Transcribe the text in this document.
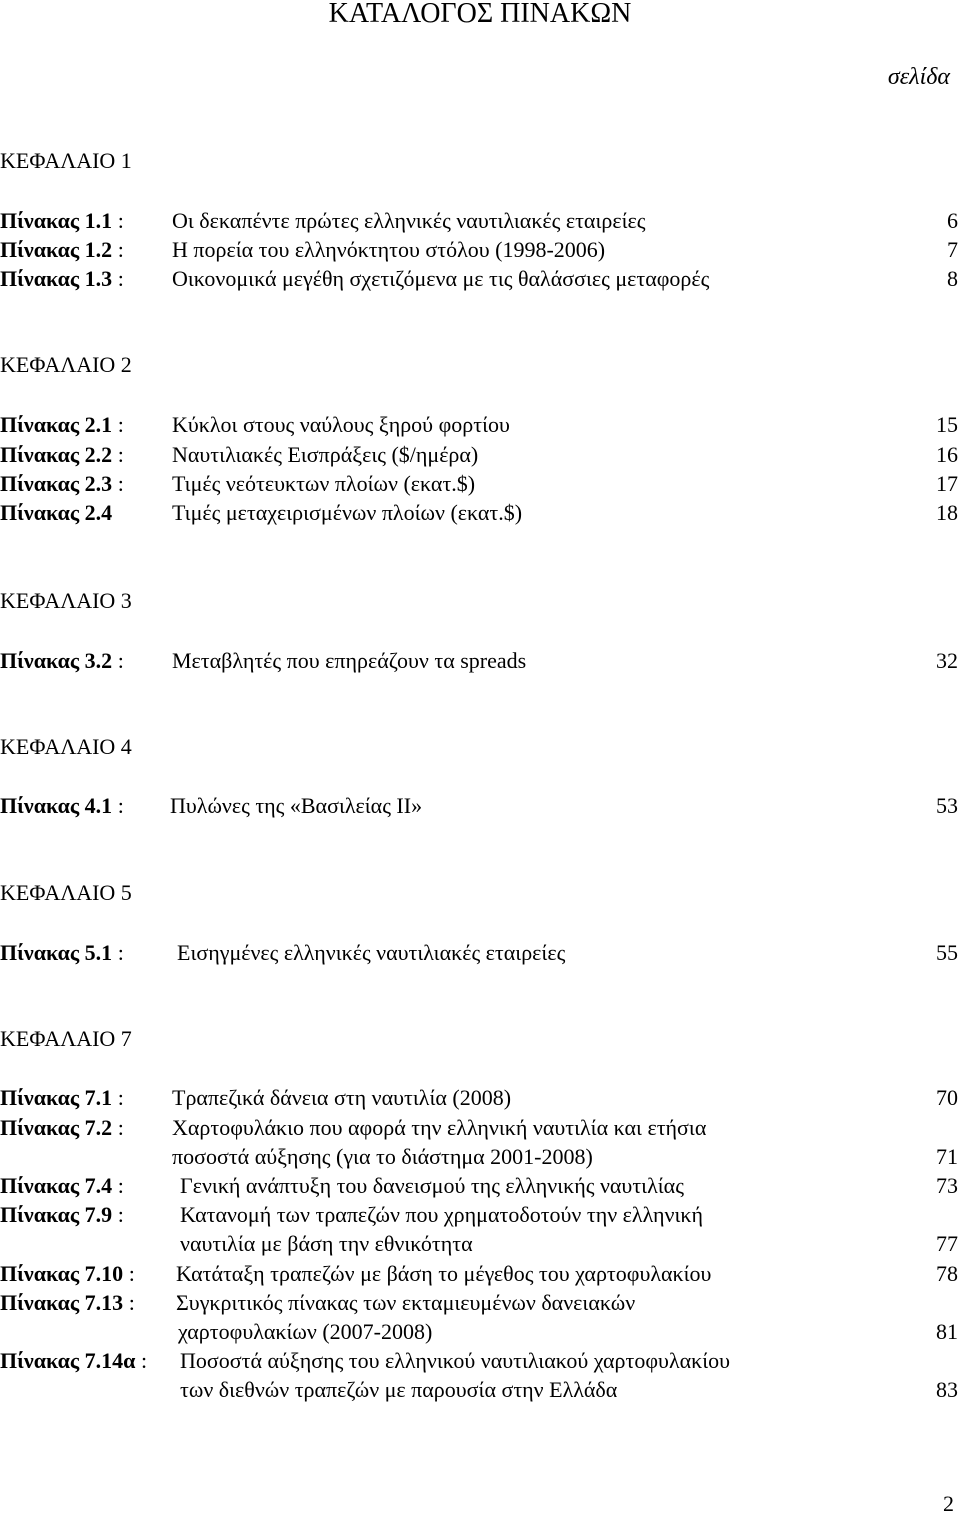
ΚΑΤΑΛΟΓΟΣ ΠΙΝΑΚΩΝ
σελίδα
ΚΕΦΑΛΑΙΟ 1
Πίνακας 1.1 : Οι δεκαπέντε πρώτες ελληνικές ναυτιλιακές εταιρείες	6
Πίνακας 1.2 : Η πορεία του ελληνόκτητου στόλου (1998-2006)	7
Πίνακας 1.3 : Οικονομικά μεγέθη σχετιζόμενα με τις θαλάσσιες μεταφορές	8
ΚΕΦΑΛΑΙΟ 2
Πίνακας 2.1 : Κύκλοι στους ναύλους ξηρού φορτίου	15
Πίνακας 2.2 : Ναυτιλιακές Εισπράξεις ($/ημέρα)	16
Πίνακας 2.3 : Τιμές νεότευκτων πλοίων (εκατ.$)	17
Πίνακας 2.4	Τιμές μεταχειρισμένων πλοίων (εκατ.$)	18
ΚΕΦΑΛΑΙΟ 3
Πίνακας 3.2 : Μεταβλητές που επηρεάζουν τα spreads	32
ΚΕΦΑΛΑΙΟ 4
Πίνακας 4.1 : Πυλώνες της «Βασιλείας ΙΙ»	53
ΚΕΦΑΛΑΙΟ 5
Πίνακας 5.1 : Εισηγμένες ελληνικές ναυτιλιακές εταιρείες	55
ΚΕΦΑΛΑΙΟ 7
Πίνακας 7.1 : Τραπεζικά δάνεια στη ναυτιλία (2008)	70
Πίνακας 7.2 : Χαρτοφυλάκιο που αφορά την ελληνική ναυτιλία και ετήσια
ποσοστά αύξησης (για το διάστημα 2001-2008)	71
Πίνακας 7.4 : Γενική ανάπτυξη του δανεισμού της ελληνικής ναυτιλίας	73
Πίνακας 7.9 : Κατανομή των τραπεζών που χρηματοδοτούν την ελληνική
ναυτιλία με βάση την εθνικότητα	77
Πίνακας 7.10 : Κατάταξη τραπεζών με βάση το μέγεθος του χαρτοφυλακίου	78
Πίνακας 7.13 : Συγκριτικός πίνακας των εκταμιευμένων δανειακών
χαρτοφυλακίων (2007-2008)	81
Πίνακας 7.14α : Ποσοστά αύξησης του ελληνικού ναυτιλιακού χαρτοφυλακίου
των διεθνών τραπεζών με παρουσία στην Ελλάδα	83
2
